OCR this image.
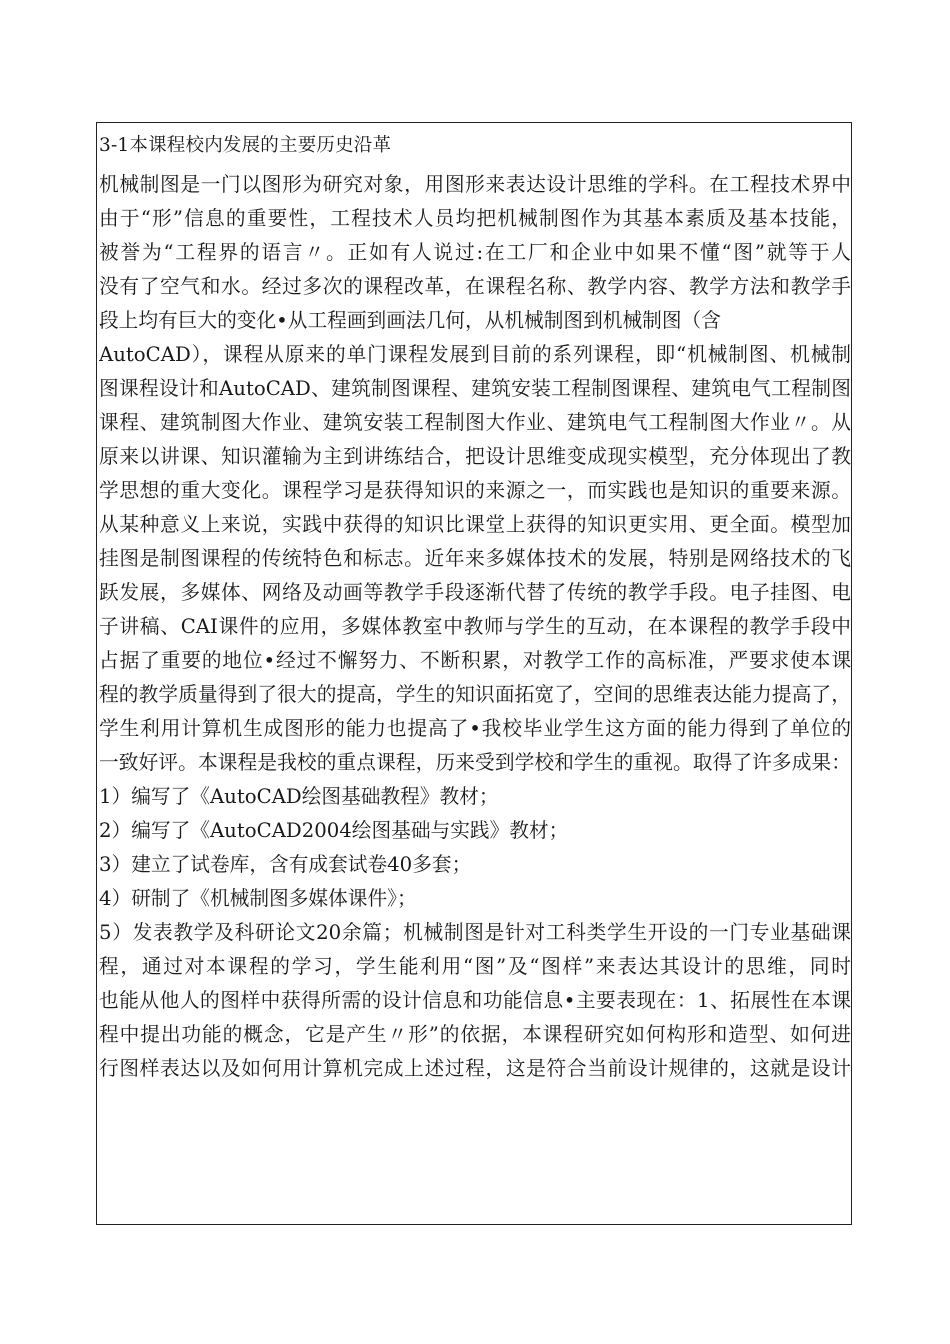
3-1本课程校内发展的主要历史沿革
机械制图是一门以图形为研究对象，用图形来表达设计思维的学科。在工程技术界中
由于“形”信息的重要性，工程技术人员均把机械制图作为其基本素质及基本技能，
被誉为“工程界的语言〃。正如有人说过:在工厂和企业中如果不懂“图”就等于人
没有了空气和水。经过多次的课程改革，在课程名称、教学内容、教学方法和教学手
段上均有巨大的变化•从工程画到画法几何，从机械制图到机械制图（含
AutoCAD），课程从原来的单门课程发展到目前的系列课程，即“机械制图、机械制
图课程设计和AutoCAD、建筑制图课程、建筑安装工程制图课程、建筑电气工程制图
课程、建筑制图大作业、建筑安装工程制图大作业、建筑电气工程制图大作业〃。从
原来以讲课、知识灌输为主到讲练结合，把设计思维变成现实模型，充分体现出了教
学思想的重大变化。课程学习是获得知识的来源之一，而实践也是知识的重要来源。
从某种意义上来说，实践中获得的知识比课堂上获得的知识更实用、更全面。模型加
挂图是制图课程的传统特色和标志。近年来多媒体技术的发展，特别是网络技术的飞
跃发展，多媒体、网络及动画等教学手段逐渐代替了传统的教学手段。电子挂图、电
子讲稿、CAI课件的应用，多媒体教室中教师与学生的互动，在本课程的教学手段中
占据了重要的地位•经过不懈努力、不断积累，对教学工作的高标准，严要求使本课
程的教学质量得到了很大的提高，学生的知识面拓宽了，空间的思维表达能力提高了，
学生利用计算机生成图形的能力也提高了•我校毕业学生这方面的能力得到了单位的
一致好评。本课程是我校的重点课程，历来受到学校和学生的重视。取得了许多成果：
1）编写了《AutoCAD绘图基础教程》教材；
2）编写了《AutoCAD2004绘图基础与实践》教材；
3）建立了试卷库，含有成套试卷40多套；
4）研制了《机械制图多媒体课件》；
5）发表教学及科研论文20余篇；机械制图是针对工科类学生开设的一门专业基础课
程，通过对本课程的学习，学生能利用“图”及“图样”来表达其设计的思维，同时
也能从他人的图样中获得所需的设计信息和功能信息•主要表现在：1、拓展性在本课
程中提出功能的概念，它是产生〃形”的依据，本课程研究如何构形和造型、如何进
行图样表达以及如何用计算机完成上述过程，这是符合当前设计规律的，这就是设计
